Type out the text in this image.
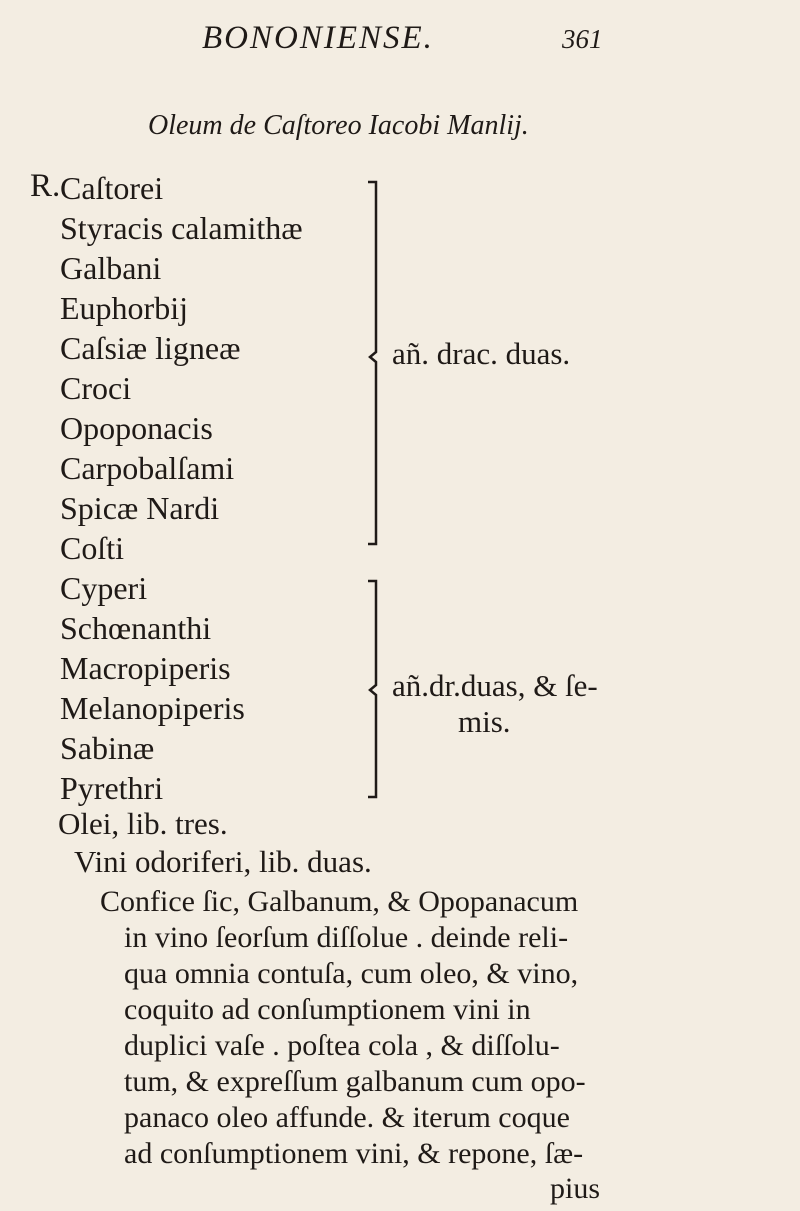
BONONIENSE.	361
Oleum de Caſtoreo Iacobi Manlij.
R. Caſtorei
Styracis calamithæ
Galbani
Euphorbij
Caſsiæ ligneæ
Croci
Opoponacis
Carpobalſami
Spicæ Nardi
Coſti
añ. drac. duas.
Cyperi
Schœnanthi
Macropiperis
Melanopiperis
Sabinæ
Pyrethri
añ.dr.duas, & ſe-
mis.
Olei, lib. tres.
Vini odoriferi, lib. duas.
Confice ſic, Galbanum, & Opopanacum
in vino ſeorſum diſſolue . deinde reli-
qua omnia contuſa, cum oleo, & vino,
coquito ad conſumptionem vini in
duplici vaſe . poſtea cola , & diſſolu-
tum, & expreſſum galbanum cum opo-
panaco oleo affunde. & iterum coque
ad conſumptionem vini, & repone, ſæ-
pius
